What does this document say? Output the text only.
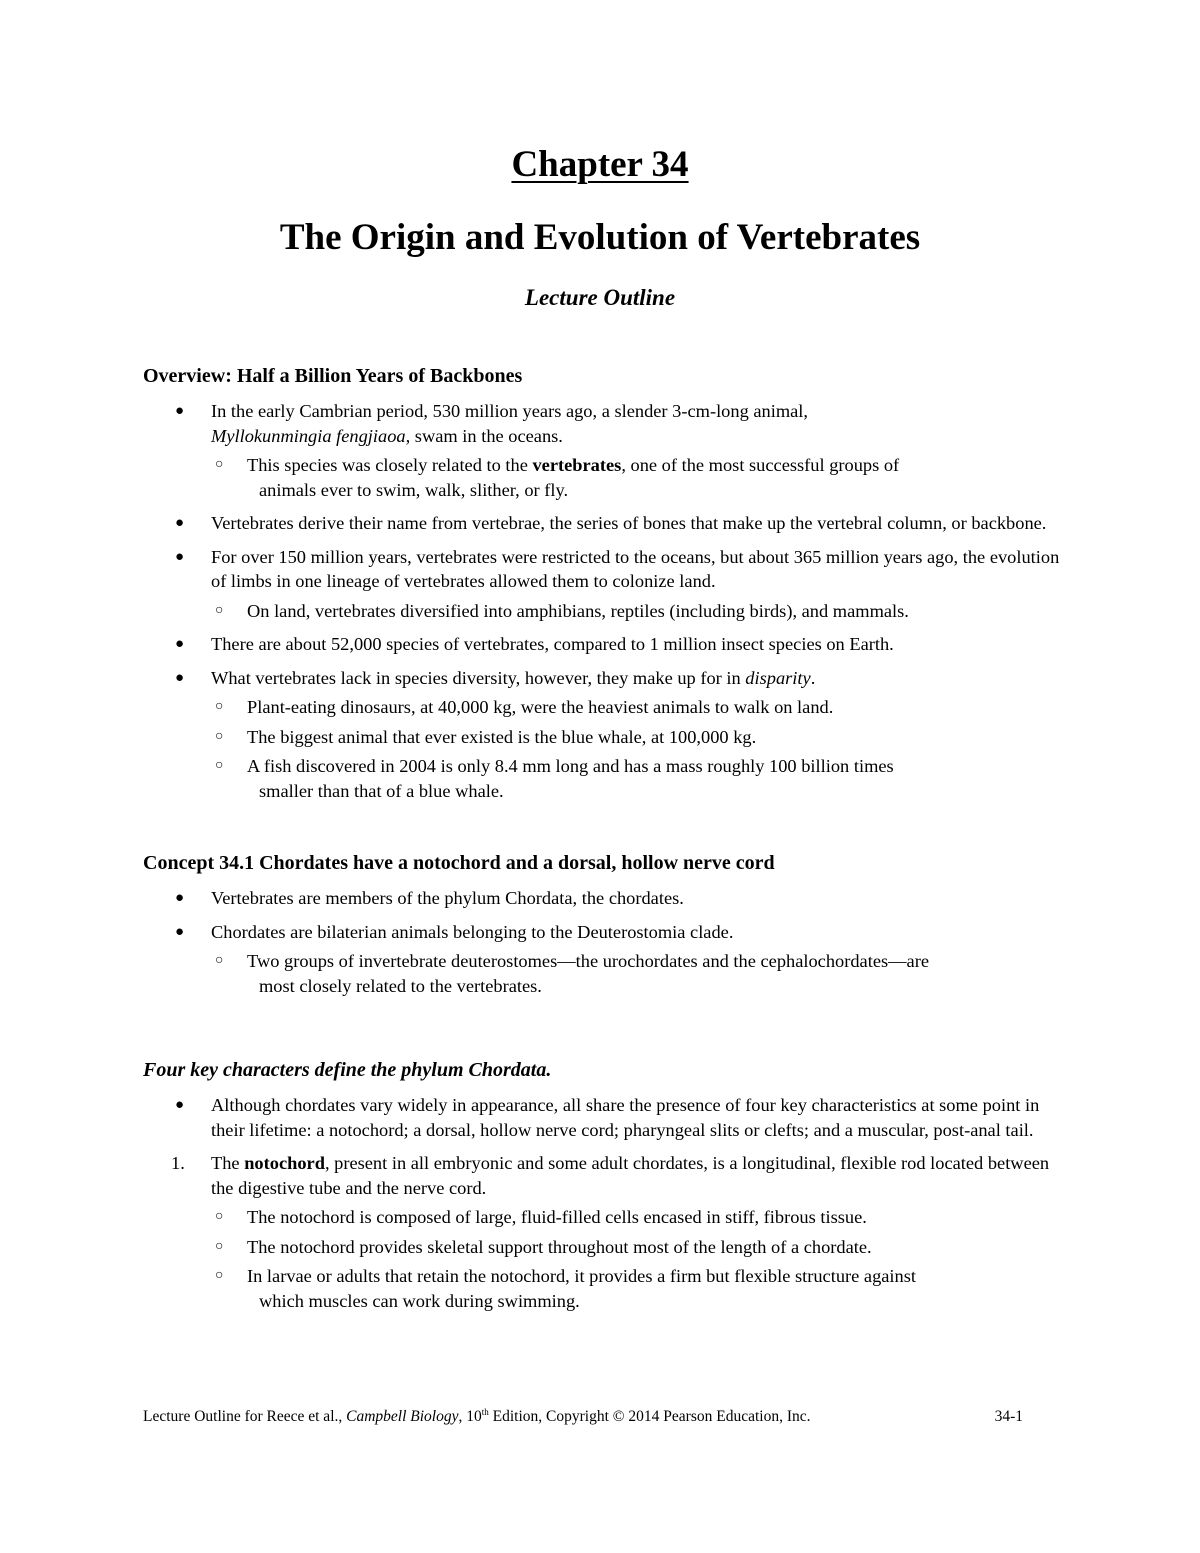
Chapter 34
The Origin and Evolution of Vertebrates
Lecture Outline
Overview: Half a Billion Years of Backbones
●	In the early Cambrian period, 530 million years ago, a slender 3-cm-long animal,
Myllokunmingia fengjiaoa, swam in the oceans.
○	This species was closely related to the vertebrates, one of the most successful groups of
animals ever to swim, walk, slither, or fly.
●	Vertebrates derive their name from vertebrae, the series of bones that make up the vertebral column, or backbone.
●	For over 150 million years, vertebrates were restricted to the oceans, but about 365 million years ago, the evolution of limbs in one lineage of vertebrates allowed them to colonize land.
○	On land, vertebrates diversified into amphibians, reptiles (including birds), and mammals.
●	There are about 52,000 species of vertebrates, compared to 1 million insect species on Earth.
●	What vertebrates lack in species diversity, however, they make up for in disparity.
○	Plant-eating dinosaurs, at 40,000 kg, were the heaviest animals to walk on land.
○	The biggest animal that ever existed is the blue whale, at 100,000 kg.
○	A fish discovered in 2004 is only 8.4 mm long and has a mass roughly 100 billion times
smaller than that of a blue whale.
Concept 34.1 Chordates have a notochord and a dorsal, hollow nerve cord
●	Vertebrates are members of the phylum Chordata, the chordates.
●	Chordates are bilaterian animals belonging to the Deuterostomia clade.
○	Two groups of invertebrate deuterostomes—the urochordates and the cephalochordates—are
most closely related to the vertebrates.
Four key characters define the phylum Chordata.
●	Although chordates vary widely in appearance, all share the presence of four key characteristics at some point in their lifetime: a notochord; a dorsal, hollow nerve cord; pharyngeal slits or clefts; and a muscular, post-anal tail.
1. The notochord, present in all embryonic and some adult chordates, is a longitudinal, flexible rod located between the digestive tube and the nerve cord.
○	The notochord is composed of large, fluid-filled cells encased in stiff, fibrous tissue.
○	The notochord provides skeletal support throughout most of the length of a chordate.
○	In larvae or adults that retain the notochord, it provides a firm but flexible structure against
which muscles can work during swimming.
Lecture Outline for Reece et al., Campbell Biology, 10th Edition, Copyright © 2014 Pearson Education, Inc.	34-1
